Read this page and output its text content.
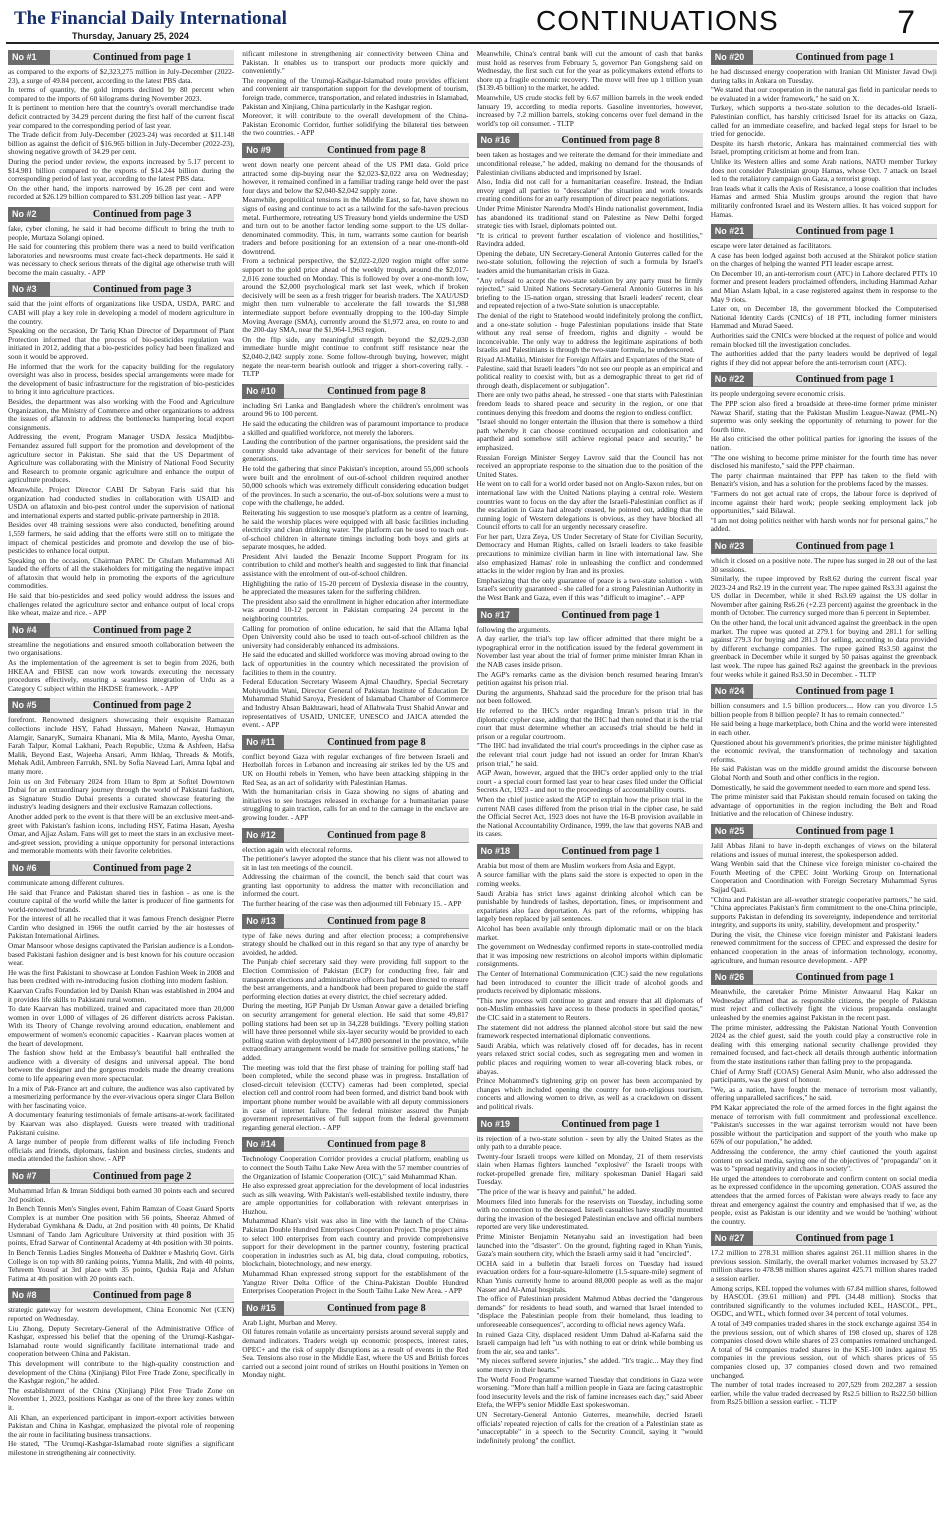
The Financial Daily International
Thursday, January 25, 2024	CONTINUATIONS	7
No #1	Continued from page 1

as compared to the exports of $2,323,275 million in July-December (2022-23), a surge of 49.84 percent, according to the latest PBS data.

In terms of quantity, the gold imports declined by 80 percent when compared to the imports of 60 kilograms during November 2023.

It is pertinent to mention here that the country's overall merchandise trade deficit contracted by 34.29 percent during the first half of the current fiscal year compared to the corresponding period of last year.

The Trade deficit from July-December (2023-24) was recorded at $11.148 billion as against the deficit of $16.965 billion in July-December (2022-23), showing negative growth of 34.29 per cent.

During the period under review, the exports increased by 5.17 percent to $14.981 billion compared to the exports of $14.244 billion during the corresponding period of last year, according to the latest PBS data.

On the other hand, the imports narrowed by 16.28 per cent and were recorded at $26.129 billion compared to $31.209 billion last year. - APP

No #2	Continued from page 3

fake, cyber cloning, he said it had become difficult to bring the truth to people, Murtaza Solangi opined.

He said for countering this problem there was a need to build verification laboratories and newsrooms must create fact-check departments. He said it was necessary to check serious threats of the digital age otherwise truth will become the main casualty. - APP

No #3	Continued from page 3

said that the joint efforts of organizations like USDA, USDA, PARC and CABI will play a key role in developing a model of modern agriculture in the country.

Speaking on the occasion, Dr Tariq Khan Director of Department of Plant Protection informed that the process of bio-pesticides regulation was initiated in 2012, adding that a bio-pesticides policy had been finalized and soon it would be approved.

He informed that the work for the capacity building for the regulatory oversight was also in process, besides special arrangements were made for the development of basic infrastructure for the registration of bio-pesticides to bring it into agriculture practices.

Besides, the department was also working with the Food and Agriculture Organization, the Ministry of Commerce and other organizations to address the issues of aflatoxin to address the bottlenecks hampering local export consignments.

Addressing the event, Program Manager USDA Jessica Mudjibbu-Fernandez assured full support for the promotion and development of the agriculture sector in Pakistan. She said that the US Department of Agriculture was collaborating with the Ministry of National Food Security and Research to promote organic agriculture and enhance the output of agriculture produces.

Meanwhile, Project Director CABI Dr Sabyan Faris said that his organization had conducted studies in collaboration with USAID and USDA on aflatoxin and bio-pest control under the supervision of national and international experts and started public-private partnership in 2018.

Besides over 48 training sessions were also conducted, benefiting around 1,559 farmers, he said adding that the efforts were still on to mitigate the impact of chemical pesticides and promote and develop the use of bio-pesticides to enhance local output.

Speaking on the occasion, Chairman PARC Dr Ghulam Muhammad Ali lauded the efforts of all the stakeholders for mitigating the negative impact of aflatoxin that would help in promoting the exports of the agriculture commodities.

He said that bio-pesticides and seed policy would address the issues and challenges related the agriculture sector and enhance output of local crops like wheat, maize and rice. - APP

No #4	Continued from page 2

streamline the negotiations and ensured smooth collaboration between the two organisations.

As the implementation of the agreement is set to begin from 2026, both HKEAA and FBISE can now work towards executing the necessary procedures effectively, ensuring a seamless integration of Urdu as a Category C subject within the HKDSE framework. - APP

No #5	Continued from page 2

forefront. Renowned designers showcasing their exquisite Ramazan collections include HSY, Fahad Hussayn, Maheen Nawaz, Humayun Alamgir, SanaryK, Sumaira Khanani, Mia & Mila, Manto, Ayesha Omar, Farah Talpur, Komal Lakhani, Peach Republic, Uzma & Ashfeen, Hafsa Malik, Beyond East, Wajeeha Ansari, Amm Ikhlaq, Threads & Motifs, Mehak Adil, Ambreen Farrukh, SNL by Sofia Navead Lari, Amna Iqbal and many more.

Join us on 3rd February 2024 from 10am to 8pm at Sofitel Downtown Dubai for an extraordinary journey through the world of Pakistani fashion, as Signature Studio Dubai presents a curated showcase featuring the industry's leading designers and their exclusive Ramazan collections.

Another added perk to the event is that there will be an exclusive meet-and-greet with Pakistan's fashion icons, including HSY, Fatima Hasan, Ayesha Omar, and Ajjaz Aslam. Fans will get to meet the stars in an exclusive meet-and-greet session, providing a unique opportunity for personal interactions and memorable moments with their favorite celebrities.

No #6	Continued from page 2

communicate among different cultures.

He said that France and Pakistan shared ties in fashion - as one is the couture capital of the world while the latter is producer of fine garments for world-renowned brands.

For the interest of all he recalled that it was famous French designer Pierre Cardin who designed in 1966 the outfit carried by the air hostesses of Pakistan International Airlines.

Omar Mansoor whose designs captivated the Parisian audience is a London-based Pakistani fashion designer and is best known for his couture occasion wear.

He was the first Pakistani to showcase at London Fashion Week in 2008 and has been credited with re-introducing fusion clothing into modern fashion.

Kaarvan Crafts Foundation led by Danish Khan was established in 2004 and it provides life skills to Pakistani rural women.

To date Kaarvan has mobilized, trained and capacitated more than 20,000 women in over 1,000 of villages of 26 different districts across Pakistan. With its Theory of Change revolving around education, enablement and empowerment of women's economic capacities - Kaarvan places women at the heart of development.

The fashion show held at the Embassy's beautiful hall enthralled the audience with a diversity of designs and universal appeal. The bond between the designer and the gorgeous models made the dreamy creations come to life appearing even more spectacular.

In a mix of Pak-France art and culture, the audience was also captivated by a mesmerizing performance by the ever-vivacious opera singer Clara Bellon with her fascinating voice.

A documentary featuring testimonials of female artisans-at-work facilitated by Kaarvan was also displayed. Guests were treated with traditional Pakistani cuisine.

A large number of people from different walks of life including French officials and friends, diplomats, fashion and business circles, students and media attended the fashion show. - APP

No #7	Continued from page 2

Muhammad Irfan & Imran Siddiqui both earned 30 points each and secured 3rd position.

In Bench Tennis Men's Singles event, Fahim Ramzan of Coast Guard Sports Complex is at number One position with 56 points, Sheeraz Ahmed of Hyderabad Gymkhana & Dadu, at 2nd position with 40 points, Dr Khalid Usmnani of Tando Jam Agriculture University at third position with 35 points, Efrad Sarwar of Continental Academy at 4th position with 30 points.

In Bench Tennis Ladies Singles Moneeha of Dakhter e Mashriq Govt. Girls College is on top with 80 ranking points, Yumna Malik, 2nd with 40 points, Tehreem Yousuf at 3rd place with 35 points, Qudsia Raja and Afshan Fatima at 4th position with 20 points each.

No #8	Continued from page 8

strategic gateway for western development, China Economic Net (CEN) reported on Wednesday.

Liu Zhong, Deputy Secretary-General of the Administrative Office of Kashgar, expressed his belief that the opening of the Urumqi-Kashgar-Islamabad route would significantly facilitate international trade and cooperation between China and Pakistan.

This development will contribute to the high-quality construction and development of the China (Xinjiang) Pilot Free Trade Zone, specifically in the Kashgar region," he added.

The establishment of the China (Xinjiang) Pilot Free Trade Zone on November 1, 2023, positions Kashgar as one of the three key zones within it.

Ali Khan, an experienced participant in import-export activities between Pakistan and China in Kashgar, emphasized the pivotal role of reopening the air route in facilitating business transactions.

He stated, "The Urumqi-Kashgar-Islamabad route signifies a significant milestone in strengthening air connectivity.

nificant milestone in strengthening air connectivity between China and Pakistan. It enables us to transport our products more quickly and conveniently."

The reopening of the Urumqi-Kashgar-Islamabad route provides efficient and convenient air transportation support for the development of tourism, foreign trade, commerce, transportation, and related industries in Islamabad, Pakistan and Xinjiang, China particularly in the Kashgar region.

Moreover, it will contribute to the overall development of the China-Pakistan Economic Corridor, further solidifying the bilateral ties between the two countries. - APP

No #9	Continued from page 8

went down nearly one percent ahead of the US PMI data. Gold price attracted some dip-buying near the $2,023-$2,022 area on Wednesday; however, it remained confined in a familiar trading range held over the past four days and below the $2,040-$2,042 supply zone.

Meanwhile, geopolitical tensions in the Middle East, so far, have shown no signs of easing and continue to act as a tailwind for the safe-haven precious metal. Furthermore, retreating US Treasury bond yields undermine the USD and turn out to be another factor lending some support to the US dollar-denominated commodity. This, in turn, warrants some caution for bearish traders and before positioning for an extension of a near one-month-old downtrend.

From a technical perspective, the $2,022-2,020 region might offer some support to the gold price ahead of the weekly trough, around the $2,017-2,016 zone touched on Monday. This is followed by over a one-month low, around the $2,000 psychological mark set last week, which if broken decisively will be seen as a fresh trigger for bearish traders. The XAU/USD might then turn vulnerable to accelerate the fall towards the $1,988 intermediate support before eventually dropping to the 100-day Simple Moving Average (SMA), currently around the $1,972 area, en route to and the 200-day SMA, near the $1,964-1,963 region.

On the flip side, any meaningful strength beyond the $2,029-2,030 immediate hurdle might continue to confront stiff resistance near the $2,040-2,042 supply zone. Some follow-through buying, however, might negate the near-term bearish outlook and trigger a short-covering rally. - TLTP

No #10	Continued from page 8

including Sri Lanka and Bangladesh where the children's enrolment was around 96 to 100 percent.

He said the educating the children was of paramount importance to produce a skilled and qualified workforce, not merely the laborers.

Lauding the contribution of the partner organisations, the president said the country should take advantage of their services for benefit of the future generations.

He told the gathering that since Pakistan's inception, around 55,000 schools were built and the enrolment of out-of-school children required another 50,000 schools which was extremely difficult considering education budget of the provinces. In such a scenario, the out-of-box solutions were a must to cope with the challenge, he added.

Reiterating his suggestion to use mosque's platform as a centre of learning, he said the worship places were equipped with all basic facilities including electricity and clean drinking water. The platform can be used to teach out-of-school children in alternate timings including both boys and girls at separate mosques, he added.

President Alvi lauded the Benazir Income Support Program for its contribution to child and mother's health and suggested to link that financial assistance with the enrolment of out-of-school children.

Highlighting the ratio of 15-20 percent of Dyslexia disease in the country, he appreciated the measures taken for the suffering children.

The president also said the enrollment in higher education after intermediate was around 10-12 percent in Pakistan comparing 24 percent in the neighboring countries.

Calling for promotion of online education, he said that the Allama Iqbal Open University could also be used to teach out-of-school children as the university had considerably enhanced its admissions.

He said the educated and skilled workforce was moving abroad owing to the lack of opportunities in the country which necessitated the provision of facilities to them in the country.

Federal Education Secretary Waseem Ajmal Chaudhry, Special Secretary Mohiyuddin Wani, Director General of Pakistan Institute of Education Dr Muhammad Shahid Saroya, President of Islamabad Chamber of Commerce and Industry Ahsan Bakhtawari, head of Allahwala Trust Shahid Anwar and representatives of USAID, UNICEF, UNESCO and JAICA attended the event. - APP

No #11	Continued from page 8

conflict beyond Gaza with regular exchanges of fire between Israeli and Hezbollah forces in Lebanon and increasing air strikes led by the US and UK on Houthi rebels in Yemen, who have been attacking shipping in the Red Sea, as an act of solidarity with Palestinian Hamas.

With the humanitarian crisis in Gaza showing no signs of abating and initiatives to see hostages released in exchange for a humanitarian pause struggling to gain traction, calls for an end to the carnage in the enclave are growing louder. - APP

No #12	Continued from page 8

election again with electoral reforms.

The petitioner's lawyer adopted the stance that his client was not allowed to sit in last ten meetings of the council.

Addressing the chairman of the council, the bench said that court was granting last opportunity to address the matter with reconciliation and informed the court.

The further hearing of the case was then adjourned till February 15. - APP

No #13	Continued from page 8

type of fake news during and after election process; a comprehensive strategy should be chalked out in this regard so that any type of anarchy be avoided, he added.

The Punjab chief secretary said they were providing full support to the Election Commission of Pakistan (ECP) for conducting free, fair and transparent elections and administrative officers had been directed to ensure the best arrangements, and a handbook had been prepared to guide the staff performing election duties at every district, the chief secretary added.

During the meeting, IGP Punjab Dr Usman Anwar gave a detailed briefing on security arrangement for general election. He said that some 49,817 polling stations had been set up in 34,228 buildings. "Every polling station will have three personnel while six-layer security would be provided to each polling station with deployment of 147,800 personnel in the province, while extraordinary arrangement would be made for sensitive polling stations," he added.

The meeting was told that the first phase of training for polling staff had been completed, while the second phase was in progress. Installation of closed-circuit television (CCTV) cameras had been completed, special election cell and control room had been formed, and district band book with important phone number would be available with all deputy commissioners in case of internet failure. The federal minister assured the Punjab government representatives of full support from the federal government regarding general election. - APP

No #14	Continued from page 8

Technology Cooperation Corridor provides a crucial platform, enabling us to connect the South Taihu Lake New Area with the 57 member countries of the Organization of Islamic Cooperation (OIC)," said Muhammad Khan.

He also expressed great appreciation for the development of local industries such as silk weaving. With Pakistan's well-established textile industry, there are ample opportunities for collaboration with relevant enterprises in Huzhou.

Muhammad Khan's visit was also in line with the launch of the China-Pakistan Double Hundred Enterprises Cooperation Project. The project aims to select 100 enterprises from each country and provide comprehensive support for their development in the partner country, fostering practical cooperation in industries such as AI, big data, cloud computing, robotics, blockchain, biotechnology, and new energy.

Muhammad Khan expressed strong support for the establishment of the Yangtze River Delta Office of the China-Pakistan Double Hundred Enterprises Cooperation Project in the South Taihu Lake New Area. - APP

No #15	Continued from page 8

Arab Light, Murban and Merey.

Oil futures remain volatile as uncertainty persists around several supply and demand indicators. Traders weigh up economic prospects, interest rates, OPEC+ and the risk of supply disruptions as a result of events in the Red Sea. Tensions also rose in the Middle East, where the US and British forces carried out a second joint round of strikes on Houthi positions in Yemen on Monday night.

Meanwhile, China's central bank will cut the amount of cash that banks must hold as reserves from February 5, governor Pan Gongsheng said on Wednesday, the first such cut for the year as policymakers extend efforts to shore up a fragile economic recovery. The move will free up 1 trillion yuan ($139.45 billion) to the market, he added.

Meanwhile, US crude stocks fell by 6.67 million barrels in the week ended January 19, according to media reports. Gasoline inventories, however, increased by 7.2 million barrels, stoking concerns over fuel demand in the world's top oil consumer. - TLTP

No #16	Continued from page 8

been taken as hostages and we reiterate the demand for their immediate and unconditional release," he added, making no demand for the thousands of Palestinian civilians abducted and imprisoned by Israel.

Also, India did not call for a humanitarian ceasefire. Instead, the Indian envoy urged all parties to "deescalate" the situation and work towards creating conditions for an early resumption of direct peace negotiations.

Under Prime Minister Narendra Modi's Hindu nationalist government, India has abandoned its traditional stand on Palestine as New Delhi forged strategic ties with Israel, diplomats pointed out.

"It is critical to prevent further escalation of violence and hostilities," Ravindra added.

Opening the debate, UN Secretary-General Antonio Guterres called for the two-state solution, following the rejection of such a formula by Israel's leaders amid the humanitarian crisis in Gaza.

"Any refusal to accept the two-state solution by any party must be firmly rejected," said United Nations Secretary-General Antonio Guterres in his briefing to the 15-nation organ, stressing that Israeli leaders' recent, clear and repeated rejection of a two-State solution is unacceptable.

The denial of the right to Statehood would indefinitely prolong the conflict, and a one-state solution - huge Palestinian populations inside that State without any real sense of freedom, rights and dignity - would be inconceivable. The only way to address the legitimate aspirations of both Israelis and Palestinians is through the two-state formula, he underscored.

Riyad Al-Maliki, Minister for Foreign Affairs and Expatriates of the State of Palestine, said that Israeli leaders "do not see our people as an empirical and political reality to coexist with, but as a demographic threat to get rid of through death, displacement or subjugation".

There are only two paths ahead, he stressed - one that starts with Palestinian freedom leads to shared peace and security in the region, or one that continues denying this freedom and dooms the region to endless conflict.

"Israel should no longer entertain the illusion that there is somehow a third path whereby it can choose continued occupation and colonisation and apartheid and somehow still achieve regional peace and security," he emphasized.

Russian Foreign Minister Sergey Lavrov said that the Council has not received an appropriate response to the situation due to the position of the United States.

He went on to call for a world order based not on Anglo-Saxon rules, but on international law with the United Nations playing a central role. Western countries want to focus on the day after the Israeli-Palestinian conflict as if the escalation in Gaza had already ceased, he pointed out, adding that the cunning logic of Western delegations is obvious, as they have blocked all Council efforts to call for an urgently necessary ceasefire.

For her part, Uzra Zeya, US Under Secretary of State for Civilian Security, Democracy and Human Rights, called on Israeli leaders to take feasible precautions to minimize civilian harm in line with international law. She also emphasized Hamas' role in unleashing the conflict and condemned attacks in the wider region by Iran and its proxies.

Emphasizing that the only guarantee of peace is a two-state solution - with Israel's security guaranteed - she called for a strong Palestinian Authority in the West Bank and Gaza, even if this was "difficult to imagine". - APP

No #17	Continued from page 1

following the arguments.

A day earlier, the trial's top law officer admitted that there might be a typographical error in the notification issued by the federal government in November last year about the trial of former prime minister Imran Khan in the NAB cases inside prison.

The AGP's remarks came as the division bench resumed hearing Imran's petition against his prison trial.

During the arguments, Shahzad said the procedure for the prison trial has not been followed.

He referred to the IHC's order regarding Imran's prison trial in the diplomatic cypher case, adding that the IHC had then noted that it is the trial court that must determine whether an accused's trial should be held in prison or a regular courtroom.

"The IHC had invalidated the trial court's proceedings in the cipher case as the relevant trial court judge had not issued an order for Imran Khan's prison trial," he said.

AGP Awan, however, argued that the IHC's order applied only to the trial court - a special court formed last year to hear cases filed under the Official Secrets Act, 1923 - and not to the proceedings of accountability courts.

When the chief justice asked the AGP to explain how the prison trial in the current NAB cases differed from the prison trial in the cipher case, he said the Official Secret Act, 1923 does not have the 16-B provision available in the National Accountability Ordinance, 1999, the law that governs NAB and its cases.

No #18	Continued from page 1

Arabia but most of them are Muslim workers from Asia and Egypt.

A source familiar with the plans said the store is expected to open in the coming weeks.

Saudi Arabia has strict laws against drinking alcohol which can be punishable by hundreds of lashes, deportation, fines, or imprisonment and expatriates also face deportation. As part of the reforms, whipping has largely been replaced by jail sentences.

Alcohol has been available only through diplomatic mail or on the black market.

The government on Wednesday confirmed reports in state-controlled media that it was imposing new restrictions on alcohol imports within diplomatic consignments.

The Center of International Communication (CIC) said the new regulations had been introduced to counter the illicit trade of alcohol goods and products received by diplomatic missions.

"This new process will continue to grant and ensure that all diplomats of non-Muslim embassies have access to these products in specified quotas," the CIC said in a statement to Reuters.

The statement did not address the planned alcohol store but said the new framework respected international diplomatic conventions.

Saudi Arabia, which was relatively closed off for decades, has in recent years relaxed strict social codes, such as segregating men and women in public places and requiring women to wear all-covering black robes, or abayas.

Prince Mohammed's tightening grip on power has been accompanied by changes which included opening the country for non-religious tourism, concerts and allowing women to drive, as well as a crackdown on dissent and political rivals.

No #19	Continued from page 1

its rejection of a two-state solution - seen by ally the United States as the only path to a durable peace.

Twenty-four Israeli troops were killed on Monday, 21 of them reservists slain when Hamas fighters launched "explosive" the Israeli troops with rocket-propelled grenade fire, military spokesman Daniel Hagari said Tuesday.

"The price of the war is heavy and painful," he added.

Mourners filed into funerals for the reservists on Tuesday, including some with no connection to the deceased. Israeli casualties have steadily mounted during the invasion of the besieged Palestinian enclave and official numbers reported are very like underestimated.

Prime Minister Benjamin Netanyahu said an investigation had been launched into the "disaster". On the ground, fighting raged in Khan Yunis, Gaza's main southern city, which the Israeli army said it had "encircled".

OCHA said in a bulletin that Israeli forces on Tuesday had issued evacuation orders for a four-square-kilometre (1.5-square-mile) segment of Khan Yunis currently home to around 88,000 people as well as the major Nasser and Al-Amal hospitals.

The office of Palestinian president Mahmud Abbas decried the "dangerous demands" for residents to head south, and warned that Israel intended to "displace the Palestinian people from their homeland, thus leading to unforeseeable consequences", according to official news agency Wafa.

In ruined Gaza City, displaced resident Umm Dahud al-Kafarna said the Israeli campaign had left "us with nothing to eat or drink while bombing us from the air, sea and tanks".

"My nieces suffered severe injuries," she added. "It's tragic... May they find some mercy in their hearts."

The World Food Programme warned Tuesday that conditions in Gaza were worsening. "More than half a million people in Gaza are facing catastrophic food insecurity levels and the risk of famine increases each day," said Abeer Etefa, the WFP's senior Middle East spokeswoman.

UN Secretary-General Antonio Guterres, meanwhile, decried Israeli officials' repeated rejection of calls for the creation of a Palestinian state as "unacceptable" in a speech to the Security Council, saying it "would indefinitely prolong" the conflict.

No #20	Continued from page 1

he had discussed energy cooperation with Iranian Oil Minister Javad Owji during talks in Ankara on Tuesday.

"We stated that our cooperation in the natural gas field in particular needs to be evaluated in a wider framework," he said on X.

Turkey, which supports a two-state solution to the decades-old Israeli-Palestinian conflict, has harshly criticised Israel for its attacks on Gaza, called for an immediate ceasefire, and backed legal steps for Israel to be tried for genocide.

Despite its harsh rhetoric, Ankara has maintained commercial ties with Israel, prompting criticism at home and from Iran.

Unlike its Western allies and some Arab nations, NATO member Turkey does not consider Palestinian group Hamas, whose Oct. 7 attack on Israel led to the retaliatory campaign on Gaza, a terrorist group.

Iran leads what it calls the Axis of Resistance, a loose coalition that includes Hamas and armed Shia Muslim groups around the region that have militarily confronted Israel and its Western allies. It has voiced support for Hamas.

No #21	Continued from page 1

escape were later detained as facilitators.

A case has been lodged against both accused at the Shirakot police station on the charges of helping the wanted PTI leader escape arrest.

On December 10, an anti-terrorism court (ATC) in Lahore declared PTI's 10 former and present leaders proclaimed offenders, including Hammad Azhar and Mian Aslam Iqbal, in a case registered against them in response to the May 9 riots.

Later on, on December 18, the government blocked the Computerised National Identity Cards (CNICs) of 18 PTI, including former ministers Hammad and Murad Saeed.

Authorities said the CNICs were blocked at the request of police and would remain blocked till the investigation concludes.

The authorities added that the party leaders would be deprived of legal rights if they did not appear before the anti-terrorism court (ATC).

No #22	Continued from page 1

its people undergoing severe economic crisis.

The PPP scion also fired a broadside at three-time former prime minister Nawaz Sharif, stating that the Pakistan Muslim League-Nawaz (PML-N) supremo was only seeking the opportunity of returning to power for the fourth time.

He also criticised the other political parties for ignoring the issues of the nation.

"The one wishing to become prime minister for the fourth time has never disclosed his manifesto," said the PPP chairman.

The party chairman maintained that PPP has taken to the field with Benazir's vision, and has a solution for the problems faced by the masses.

"Farmers do not get actual rate of crops, the labour force is deprived of income against their hard work; people seeking employment lack job opportunities," said Bilawal.

"I am not doing politics neither with harsh words nor for personal gains," he added.

No #23	Continued from page 1

which it closed on a positive note. The rupee has surged in 28 out of the last 30 sessions.

Similarly, the rupee improved by Rs8.62 during the current fiscal year 2023-24 and Rs2.19 in the current year. The rupee gained Rs3.31 against the US dollar in December, while it shed Rs3.69 against the US dollar in November after gaining Rs6.26 (+2.23 percent) against the greenback in the month of October. The currency surged more than 6 percent in September.

On the other hand, the local unit advanced against the greenback in the open market. The rupee was quoted at 279.1 for buying and 281.1 for selling against 279.3 for buying and 281.3 for selling, according to data provided by different exchange companies. The rupee gained Rs3.50 against the greenback in December while it surged by 50 paisas against the greenback last week. The rupee has gained Rs2 against the greenback in the previous four weeks while it gained Rs3.50 in December. - TLTP

No #24	Continued from page 1

billion consumers and 1.5 billion producers.... How can you divorce 1.5 billion people from 8 billion people? It has to remain connected."

He said being a huge marketplace, both China and the world were interested in each other.

Questioned about his government's priorities, the prime minister highlighted the economic revival, the transformation of technology and taxation reforms.

He said Pakistan was on the middle ground amidst the discourse between Global North and South and other conflicts in the region.

Domestically, he said the government needed to earn more and spend less.

The prime minister said that Pakistan should remain focused on taking the advantage of opportunities in the region including the Belt and Road Initiative and the relocation of Chinese industry.

No #25	Continued from page 1

Jalil Abbas Jilani to have in-depth exchanges of views on the bilateral relations and issues of mutual interest, the spokesperson added.

Wang Wenbin said that the Chinese vice foreign minister co-chaired the Fourth Meeting of the CPEC Joint Working Group on International Cooperation and Coordination with Foreign Secretary Muhammad Syrus Sajjad Qazi.

"China and Pakistan are all-weather strategic cooperative partners," he said. "China appreciates Pakistan's firm commitment to the one-China principle, supports Pakistan in defending its sovereignty, independence and territorial integrity, and supports its unity, stability, development and prosperity."

During the visit, the Chinese vice foreign minister and Pakistani leaders renewed commitment for the success of CPEC and expressed the desire for enhanced cooperation in the areas of information technology, economy, agriculture, and human resource development. - APP

No #26	Continued from page 1

Meanwhile, the caretaker Prime Minister Anwaarul Haq Kakar on Wednesday affirmed that as responsible citizens, the people of Pakistan must reject and collectively fight the vicious propaganda onslaught unleashed by the enemies against Pakistan in the recent past.

The prime minister, addressing the Pakistan National Youth Convention 2024 as the chief guest, said the youth could play a constructive role in dealing with this emerging national security challenge provided they remained focused, and fact-check all details through authentic information from the state institutions rather than falling prey to the propaganda.

Chief of Army Staff (COAS) General Asim Munir, who also addressed the participants, was the guest of honour.

"We, as a nation, have fought the menace of terrorism most valiantly, offering unparalleled sacrifices," he said.

PM Kakar appreciated the role of the armed forces in the fight against the menace of terrorism with full commitment and professional excellence. "Pakistan's successes in the war against terrorism would not have been possible without the participation and support of the youth who make up 65% of our population," he added.

Addressing the conference, the army chief cautioned the youth against content on social media, saying one of the objectives of "propaganda" on it was to "spread negativity and chaos in society".

He urged the attendees to corroborate and confirm content on social media as he expressed confidence in the upcoming generation. COAS assured the attendees that the armed forces of Pakistan were always ready to face any threat and emergency against the country and emphasised that if we, as the people, exist as Pakistan is our identity and we would be 'nothing' without the country.

No #27	Continued from page 1

17.2 million to 278.31 million shares against 261.11 million shares in the previous session. Similarly, the overall market volumes increased by 53.27 million shares to 478.98 million shares against 425.71 million shares traded a session earlier.

Among scrips, KEL topped the volumes with 67.84 million shares, followed by HASCOL (39.61 million) and PPL (34.48 million). Stocks that contributed significantly to the volumes included KEL, HASCOL, PPL, OGDC, and WTL, which formed over 34 percent of total volumes.

A total of 349 companies traded shares in the stock exchange against 354 in the previous session, out of which shares of 198 closed up, shares of 128 companies closed down while shares of 23 companies remained unchanged. A total of 94 companies traded shares in the KSE-100 index against 95 companies in the previous session, out of which shares prices of 55 companies closed up, 37 companies closed down and two remained unchanged.

The number of total trades increased to 207,529 from 202,287 a session earlier, while the value traded decreased by Rs2.5 billion to Rs22.50 billion from Rs25 billion a session earlier. - TLTP
